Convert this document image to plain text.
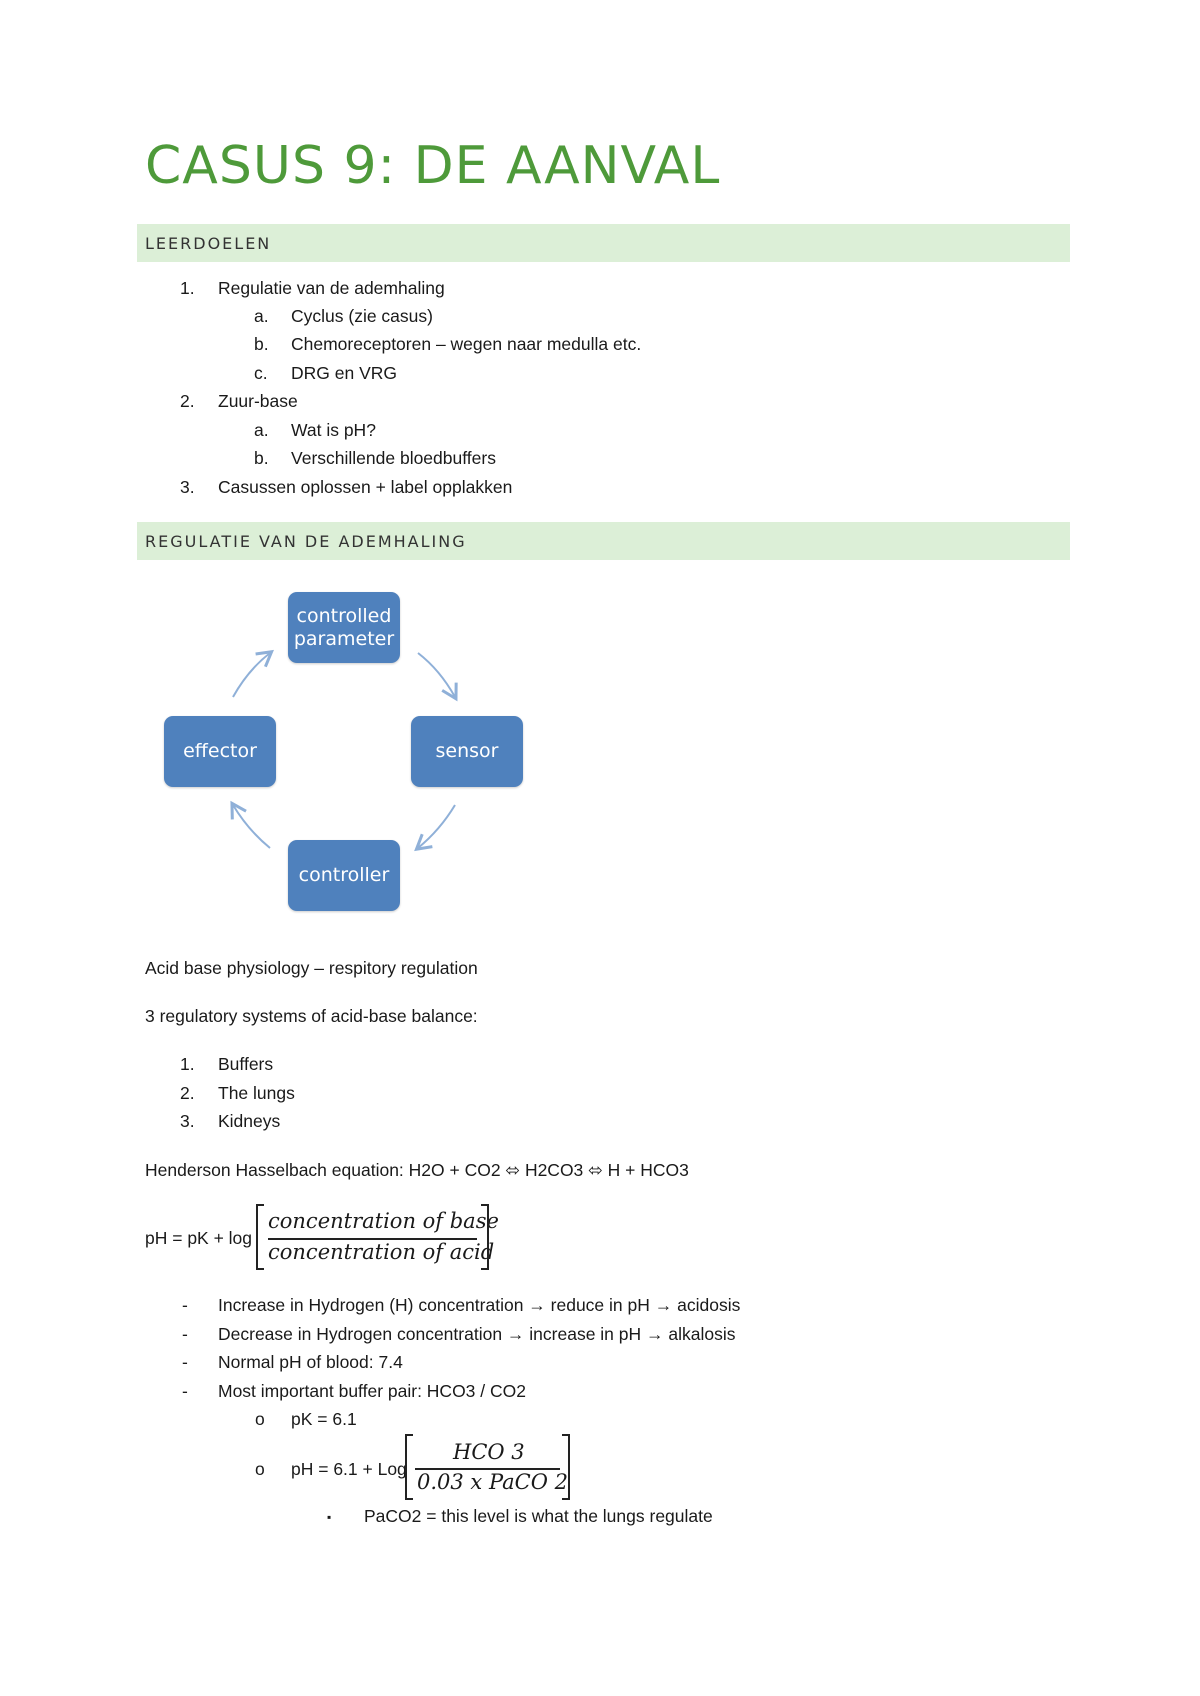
CASUS 9: DE AANVAL
LEERDOELEN
1. Regulatie van de ademhaling
a. Cyclus (zie casus)
b. Chemoreceptoren – wegen naar medulla etc.
c. DRG en VRG
2. Zuur-base
a. Wat is pH?
b. Verschillende bloedbuffers
3. Casussen oplossen + label opplakken
REGULATIE VAN DE ADEMHALING
controlled parameter
sensor
controller
effector
Acid base physiology – respitory regulation
3 regulatory systems of acid-base balance:
1. Buffers
2. The lungs
3. Kidneys
Henderson Hasselbach equation: H2O + CO2 ⬄ H2CO3 ⬄ H + HCO3
pH = pK + log
concentration of base
concentration of acid
- Increase in Hydrogen (H) concentration → reduce in pH → acidosis
- Decrease in Hydrogen concentration → increase in pH → alkalosis
- Normal pH of blood: 7.4
- Most important buffer pair: HCO3 / CO2
o pK = 6.1
o pH = 6.1 + Log
HCO 3
0.03 x PaCO 2
▪ PaCO2 = this level is what the lungs regulate
